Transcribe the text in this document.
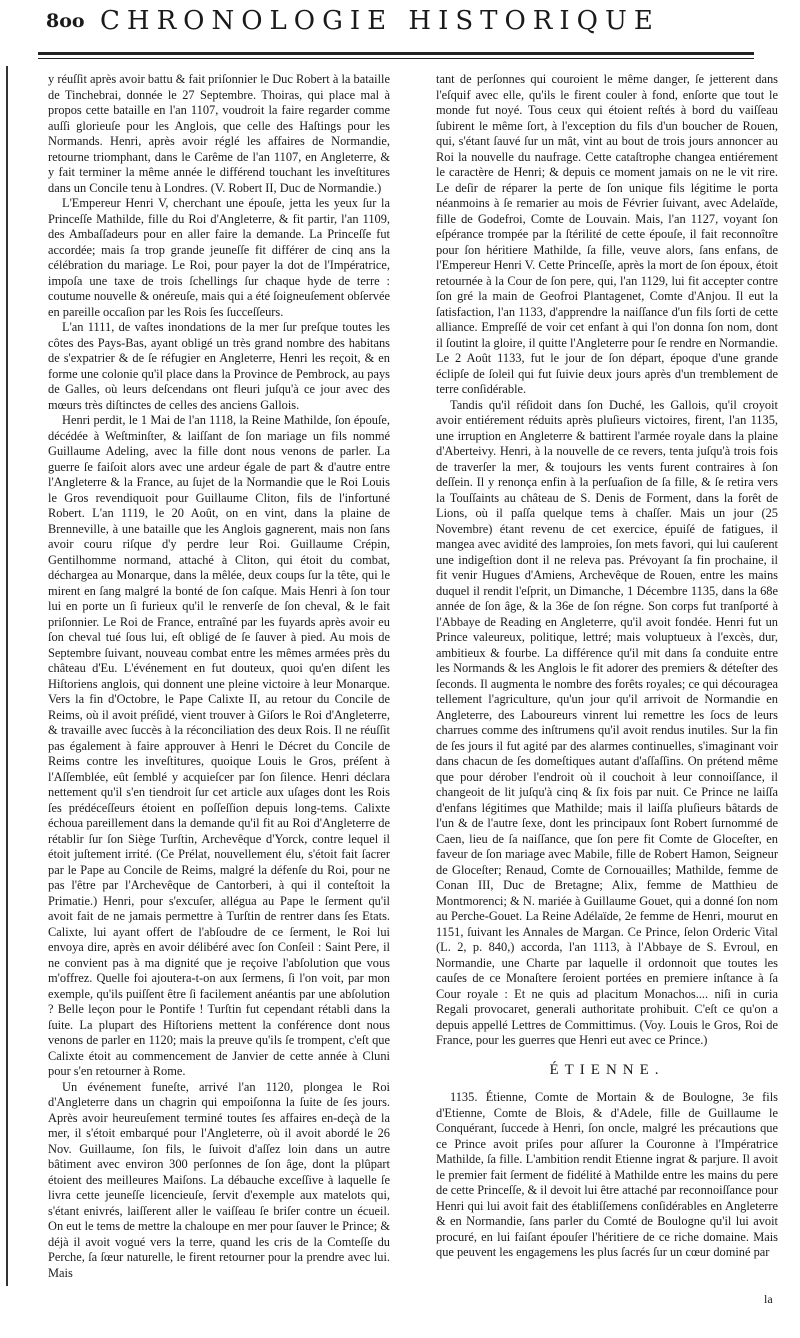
8oo CHRONOLOGIE HISTORIQUE

y réuſſit après avoir battu & fait priſonnier le Duc Robert à la bataille de Tinchebrai, donnée le 27 Septembre. Thoiras, qui place mal à propos cette bataille en l'an 1107, voudroit la faire regarder comme auſſi glorieuſe pour les Anglois, que celle des Haſtings pour les Normands. Henri, après avoir réglé les affaires de Normandie, retourne triomphant, dans le Carême de l'an 1107, en Angleterre, & y fait terminer la même année le différend touchant les inveſtitures dans un Concile tenu à Londres. (V. Robert II, Duc de Normandie.)

L'Empereur Henri V, cherchant une épouſe, jetta les yeux ſur la Princeſſe Mathilde, fille du Roi d'Angleterre, & fit partir, l'an 1109, des Ambaſſadeurs pour en aller faire la demande. La Princeſſe fut accordée; mais ſa trop grande jeuneſſe fit différer de cinq ans la célébration du mariage. Le Roi, pour payer la dot de l'Impératrice, impoſa une taxe de trois ſchellings ſur chaque hyde de terre : coutume nouvelle & onéreuſe, mais qui a été ſoigneuſement obſervée en pareille occaſion par les Rois ſes ſucceſſeurs.

L'an 1111, de vaſtes inondations de la mer ſur preſque toutes les côtes des Pays-Bas, ayant obligé un très grand nombre des habitans de s'expatrier & de ſe réfugier en Angleterre, Henri les reçoit, & en forme une colonie qu'il place dans la Province de Pembrock, au pays de Galles, où leurs deſcendans ont fleuri juſqu'à ce jour avec des mœurs très diſtinctes de celles des anciens Gallois.

Henri perdit, le 1 Mai de l'an 1118, la Reine Mathilde, ſon épouſe, décédée à Weſtminſter, & laiſſant de ſon mariage un fils nommé Guillaume Adeling, avec la fille dont nous venons de parler. La guerre ſe faiſoit alors avec une ardeur égale de part & d'autre entre l'Angleterre & la France, au ſujet de la Normandie que le Roi Louis le Gros revendiquoit pour Guillaume Cliton, fils de l'infortuné Robert. L'an 1119, le 20 Août, on en vint, dans la plaine de Brenneville, à une bataille que les Anglois gagnerent, mais non ſans avoir couru riſque d'y perdre leur Roi. Guillaume Crépin, Gentilhomme normand, attaché à Cliton, qui étoit du combat, déchargea au Monarque, dans la mêlée, deux coups ſur la tête, qui le mirent en ſang malgré la bonté de ſon caſque. Mais Henri à ſon tour lui en porte un ſi furieux qu'il le renverſe de ſon cheval, & le fait priſonnier. Le Roi de France, entraîné par les fuyards après avoir eu ſon cheval tué ſous lui, eſt obligé de ſe ſauver à pied. Au mois de Septembre ſuivant, nouveau combat entre les mêmes armées près du château d'Eu. L'événement en fut douteux, quoi qu'en diſent les Hiſtoriens anglois, qui donnent une pleine victoire à leur Monarque. Vers la fin d'Octobre, le Pape Calixte II, au retour du Concile de Reims, où il avoit préſidé, vient trouver à Giſors le Roi d'Angleterre, & travaille avec ſuccès à la réconciliation des deux Rois. Il ne réuſſit pas également à faire approuver à Henri le Décret du Concile de Reims contre les inveſtitures, quoique Louis le Gros, préſent à l'Aſſemblée, eût ſemblé y acquieſcer par ſon ſilence. Henri déclara nettement qu'il s'en tiendroit ſur cet article aux uſages dont les Rois ſes prédéceſſeurs étoient en poſſeſſion depuis long-tems. Calixte échoua pareillement dans la demande qu'il fit au Roi d'Angleterre de rétablir ſur ſon Siège Turſtin, Archevêque d'Yorck, contre lequel il étoit juſtement irrité. (Ce Prélat, nouvellement élu, s'étoit fait ſacrer par le Pape au Concile de Reims, malgré la défenſe du Roi, pour ne pas l'être par l'Archevêque de Cantorberi, à qui il conteſtoit la Primatie.) Henri, pour s'excuſer, allégua au Pape le ſerment qu'il avoit fait de ne jamais permettre à Turſtin de rentrer dans ſes Etats. Calixte, lui ayant offert de l'abſoudre de ce ſerment, le Roi lui envoya dire, après en avoir délibéré avec ſon Conſeil : Saint Pere, il ne convient pas à ma dignité que je reçoive l'abſolution que vous m'offrez. Quelle foi ajoutera-t-on aux ſermens, ſi l'on voit, par mon exemple, qu'ils puiſſent être ſi facilement anéantis par une abſolution ? Belle leçon pour le Pontife ! Turſtin fut cependant rétabli dans la ſuite. La plupart des Hiſtoriens mettent la conférence dont nous venons de parler en 1120; mais la preuve qu'ils ſe trompent, c'eſt que Calixte étoit au commencement de Janvier de cette année à Cluni pour s'en retourner à Rome.

Un événement funeſte, arrivé l'an 1120, plongea le Roi d'Angleterre dans un chagrin qui empoiſonna la ſuite de ſes jours. Après avoir heureuſement terminé toutes ſes affaires en-deçà de la mer, il s'étoit embarqué pour l'Angleterre, où il avoit abordé le 26 Nov. Guillaume, ſon fils, le ſuivoit d'aſſez loin dans un autre bâtiment avec environ 300 perſonnes de ſon âge, dont la plûpart étoient des meilleures Maiſons. La débauche exceſſive à laquelle ſe livra cette jeuneſſe licencieuſe, ſervit d'exemple aux matelots qui, s'étant enivrés, laiſſerent aller le vaiſſeau ſe briſer contre un écueil. On eut le tems de mettre la chaloupe en mer pour ſauver le Prince; & déjà il avoit vogué vers la terre, quand les cris de la Comteſſe du Perche, ſa ſœur naturelle, le firent retourner pour la prendre avec lui. Mais

tant de perſonnes qui couroient le même danger, ſe jetterent dans l'eſquif avec elle, qu'ils le firent couler à fond, enſorte que tout le monde fut noyé. Tous ceux qui étoient reſtés à bord du vaiſſeau ſubirent le même ſort, à l'exception du fils d'un boucher de Rouen, qui, s'étant ſauvé ſur un mât, vint au bout de trois jours annoncer au Roi la nouvelle du naufrage. Cette cataſtrophe changea entiérement le caractère de Henri; & depuis ce moment jamais on ne le vit rire. Le deſir de réparer la perte de ſon unique fils légitime le porta néanmoins à ſe remarier au mois de Février ſuivant, avec Adelaïde, fille de Godefroi, Comte de Louvain. Mais, l'an 1127, voyant ſon eſpérance trompée par la ſtérilité de cette épouſe, il fait reconnoître pour ſon héritiere Mathilde, ſa fille, veuve alors, ſans enfans, de l'Empereur Henri V. Cette Princeſſe, après la mort de ſon époux, étoit retournée à la Cour de ſon pere, qui, l'an 1129, lui fit accepter contre ſon gré la main de Geofroi Plantagenet, Comte d'Anjou. Il eut la ſatisfaction, l'an 1133, d'apprendre la naiſſance d'un fils ſorti de cette alliance. Empreſſé de voir cet enfant à qui l'on donna ſon nom, dont il ſoutint la gloire, il quitte l'Angleterre pour ſe rendre en Normandie. Le 2 Août 1133, fut le jour de ſon départ, époque d'une grande éclipſe de ſoleil qui fut ſuivie deux jours après d'un tremblement de terre conſidérable.

Tandis qu'il réſidoit dans ſon Duché, les Gallois, qu'il croyoit avoir entiérement réduits après pluſieurs victoires, firent, l'an 1135, une irruption en Angleterre & battirent l'armée royale dans la plaine d'Aberteivy. Henri, à la nouvelle de ce revers, tenta juſqu'à trois fois de traverſer la mer, & toujours les vents furent contraires à ſon deſſein. Il y renonça enfin à la perſuaſion de ſa fille, & ſe retira vers la Touſſaints au château de S. Denis de Forment, dans la forêt de Lions, où il paſſa quelque tems à chaſſer. Mais un jour (25 Novembre) étant revenu de cet exercice, épuiſé de fatigues, il mangea avec avidité des lamproies, ſon mets favori, qui lui cauſerent une indigeſtion dont il ne releva pas. Prévoyant ſa fin prochaine, il fit venir Hugues d'Amiens, Archevêque de Rouen, entre les mains duquel il rendit l'eſprit, un Dimanche, 1 Décembre 1135, dans la 68e année de ſon âge, & la 36e de ſon régne. Son corps fut tranſporté à l'Abbaye de Reading en Angleterre, qu'il avoit fondée. Henri fut un Prince valeureux, politique, lettré; mais voluptueux à l'excès, dur, ambitieux & fourbe. La différence qu'il mit dans ſa conduite entre les Normands & les Anglois le fit adorer des premiers & déteſter des ſeconds. Il augmenta le nombre des forêts royales; ce qui découragea tellement l'agriculture, qu'un jour qu'il arrivoit de Normandie en Angleterre, des Laboureurs vinrent lui remettre les ſocs de leurs charrues comme des inſtrumens qu'il avoit rendus inutiles. Sur la fin de ſes jours il fut agité par des alarmes continuelles, s'imaginant voir dans chacun de ſes domeſtiques autant d'aſſaſſins. On prétend même que pour dérober l'endroit où il couchoit à leur connoiſſance, il changeoit de lit juſqu'à cinq & ſix fois par nuit. Ce Prince ne laiſſa d'enfans légitimes que Mathilde; mais il laiſſa pluſieurs bâtards de l'un & de l'autre ſexe, dont les principaux ſont Robert ſurnommé de Caen, lieu de ſa naiſſance, que ſon pere fit Comte de Gloceſter, en faveur de ſon mariage avec Mabile, fille de Robert Hamon, Seigneur de Gloceſter; Renaud, Comte de Cornouailles; Mathilde, femme de Conan III, Duc de Bretagne; Alix, femme de Matthieu de Montmorenci; & N. mariée à Guillaume Gouet, qui a donné ſon nom au Perche-Gouet. La Reine Adélaïde, 2e femme de Henri, mourut en 1151, ſuivant les Annales de Margan. Ce Prince, ſelon Orderic Vital (L. 2, p. 840,) accorda, l'an 1113, à l'Abbaye de S. Evroul, en Normandie, une Charte par laquelle il ordonnoit que toutes les cauſes de ce Monaſtere ſeroient portées en premiere inſtance à ſa Cour royale : Et ne quis ad placitum Monachos.... niſi in curia Regali provocaret, generali authoritate prohibuit. C'eſt ce qu'on a depuis appellé Lettres de Committimus. (Voy. Louis le Gros, Roi de France, pour les guerres que Henri eut avec ce Prince.)

ÉTIENNE.

1135. Étienne, Comte de Mortain & de Boulogne, 3e fils d'Etienne, Comte de Blois, & d'Adele, fille de Guillaume le Conquérant, ſuccede à Henri, ſon oncle, malgré les précautions que ce Prince avoit priſes pour aſſurer la Couronne à l'Impératrice Mathilde, ſa fille. L'ambition rendit Etienne ingrat & parjure. Il avoit le premier fait ſerment de fidélité à Mathilde entre les mains du pere de cette Princeſſe, & il devoit lui être attaché par reconnoiſſance pour Henri qui lui avoit fait des établiſſemens conſidérables en Angleterre & en Normandie, ſans parler du Comté de Boulogne qu'il lui avoit procuré, en lui faiſant épouſer l'héritiere de ce riche domaine. Mais que peuvent les engagemens les plus ſacrés ſur un cœur dominé par

la
